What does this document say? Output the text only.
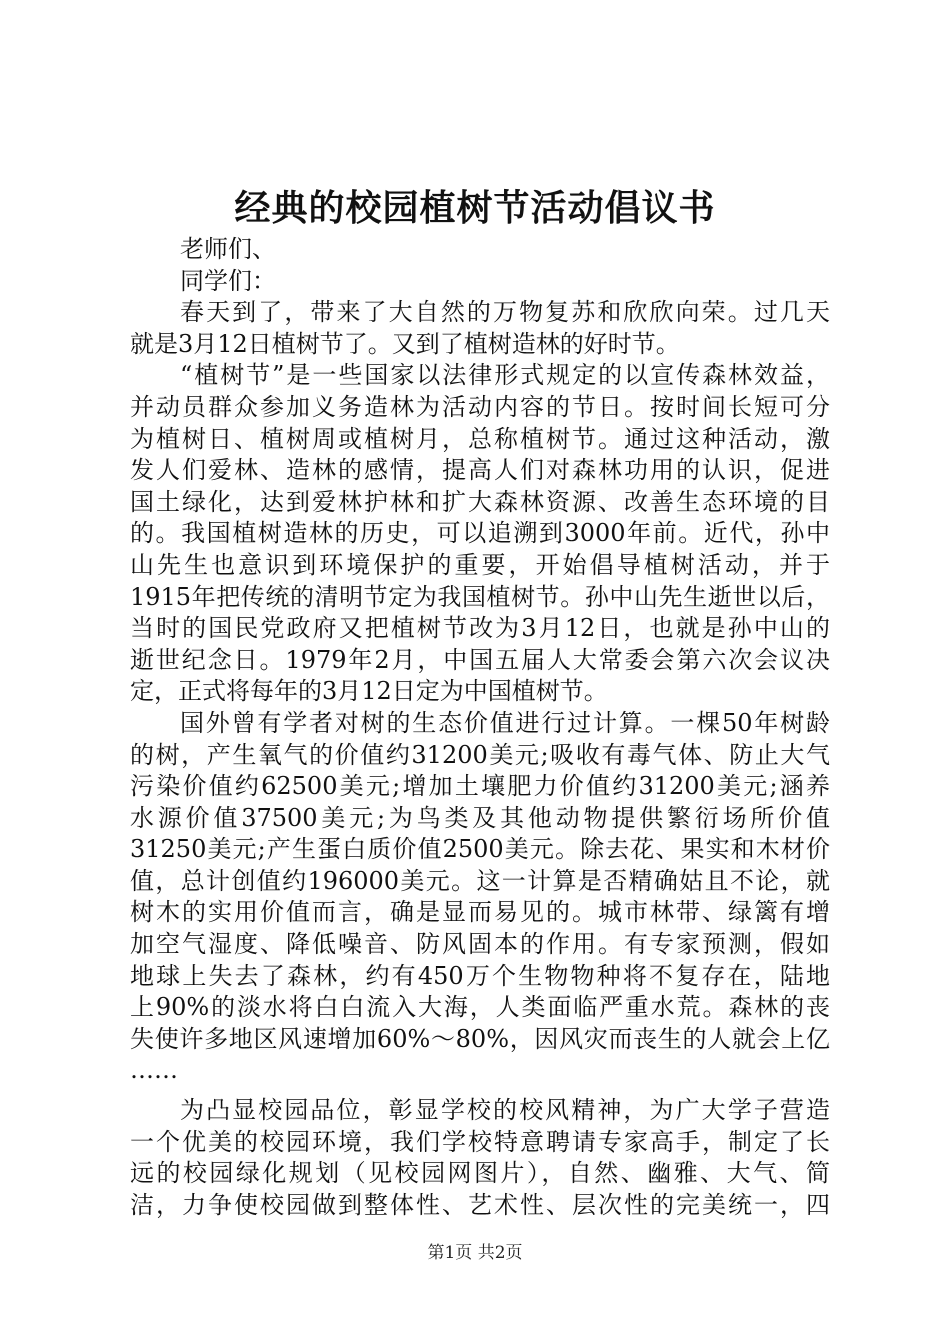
经典的校园植树节活动倡议书
老师们、
同学们：
春天到了，带来了大自然的万物复苏和欣欣向荣。过几天
就是3月12日植树节了。又到了植树造林的好时节。
“植树节”是一些国家以法律形式规定的以宣传森林效益，
并动员群众参加义务造林为活动内容的节日。按时间长短可分
为植树日、植树周或植树月，总称植树节。通过这种活动，激
发人们爱林、造林的感情，提高人们对森林功用的认识，促进
国土绿化，达到爱林护林和扩大森林资源、改善生态环境的目
的。我国植树造林的历史，可以追溯到3000年前。近代，孙中
山先生也意识到环境保护的重要，开始倡导植树活动，并于
1915年把传统的清明节定为我国植树节。孙中山先生逝世以后，
当时的国民党政府又把植树节改为3月12日，也就是孙中山的
逝世纪念日。1979年2月，中国五届人大常委会第六次会议决
定，正式将每年的3月12日定为中国植树节。
国外曾有学者对树的生态价值进行过计算。一棵50年树龄
的树，产生氧气的价值约31200美元;吸收有毒气体、防止大气
污染价值约62500美元;增加土壤肥力价值约31200美元;涵养
水源价值37500美元;为鸟类及其他动物提供繁衍场所价值
31250美元;产生蛋白质价值2500美元。除去花、果实和木材价
值，总计创值约196000美元。这一计算是否精确姑且不论，就
树木的实用价值而言，确是显而易见的。城市林带、绿篱有增
加空气湿度、降低噪音、防风固本的作用。有专家预测，假如
地球上失去了森林，约有450万个生物物种将不复存在，陆地
上90%的淡水将白白流入大海，人类面临严重水荒。森林的丧
失使许多地区风速增加60%～80%，因风灾而丧生的人就会上亿
……
为凸显校园品位，彰显学校的校风精神，为广大学子营造
一个优美的校园环境，我们学校特意聘请专家高手，制定了长
远的校园绿化规划（见校园网图片），自然、幽雅、大气、简
洁，力争使校园做到整体性、艺术性、层次性的完美统一，四
第1页 共2页
